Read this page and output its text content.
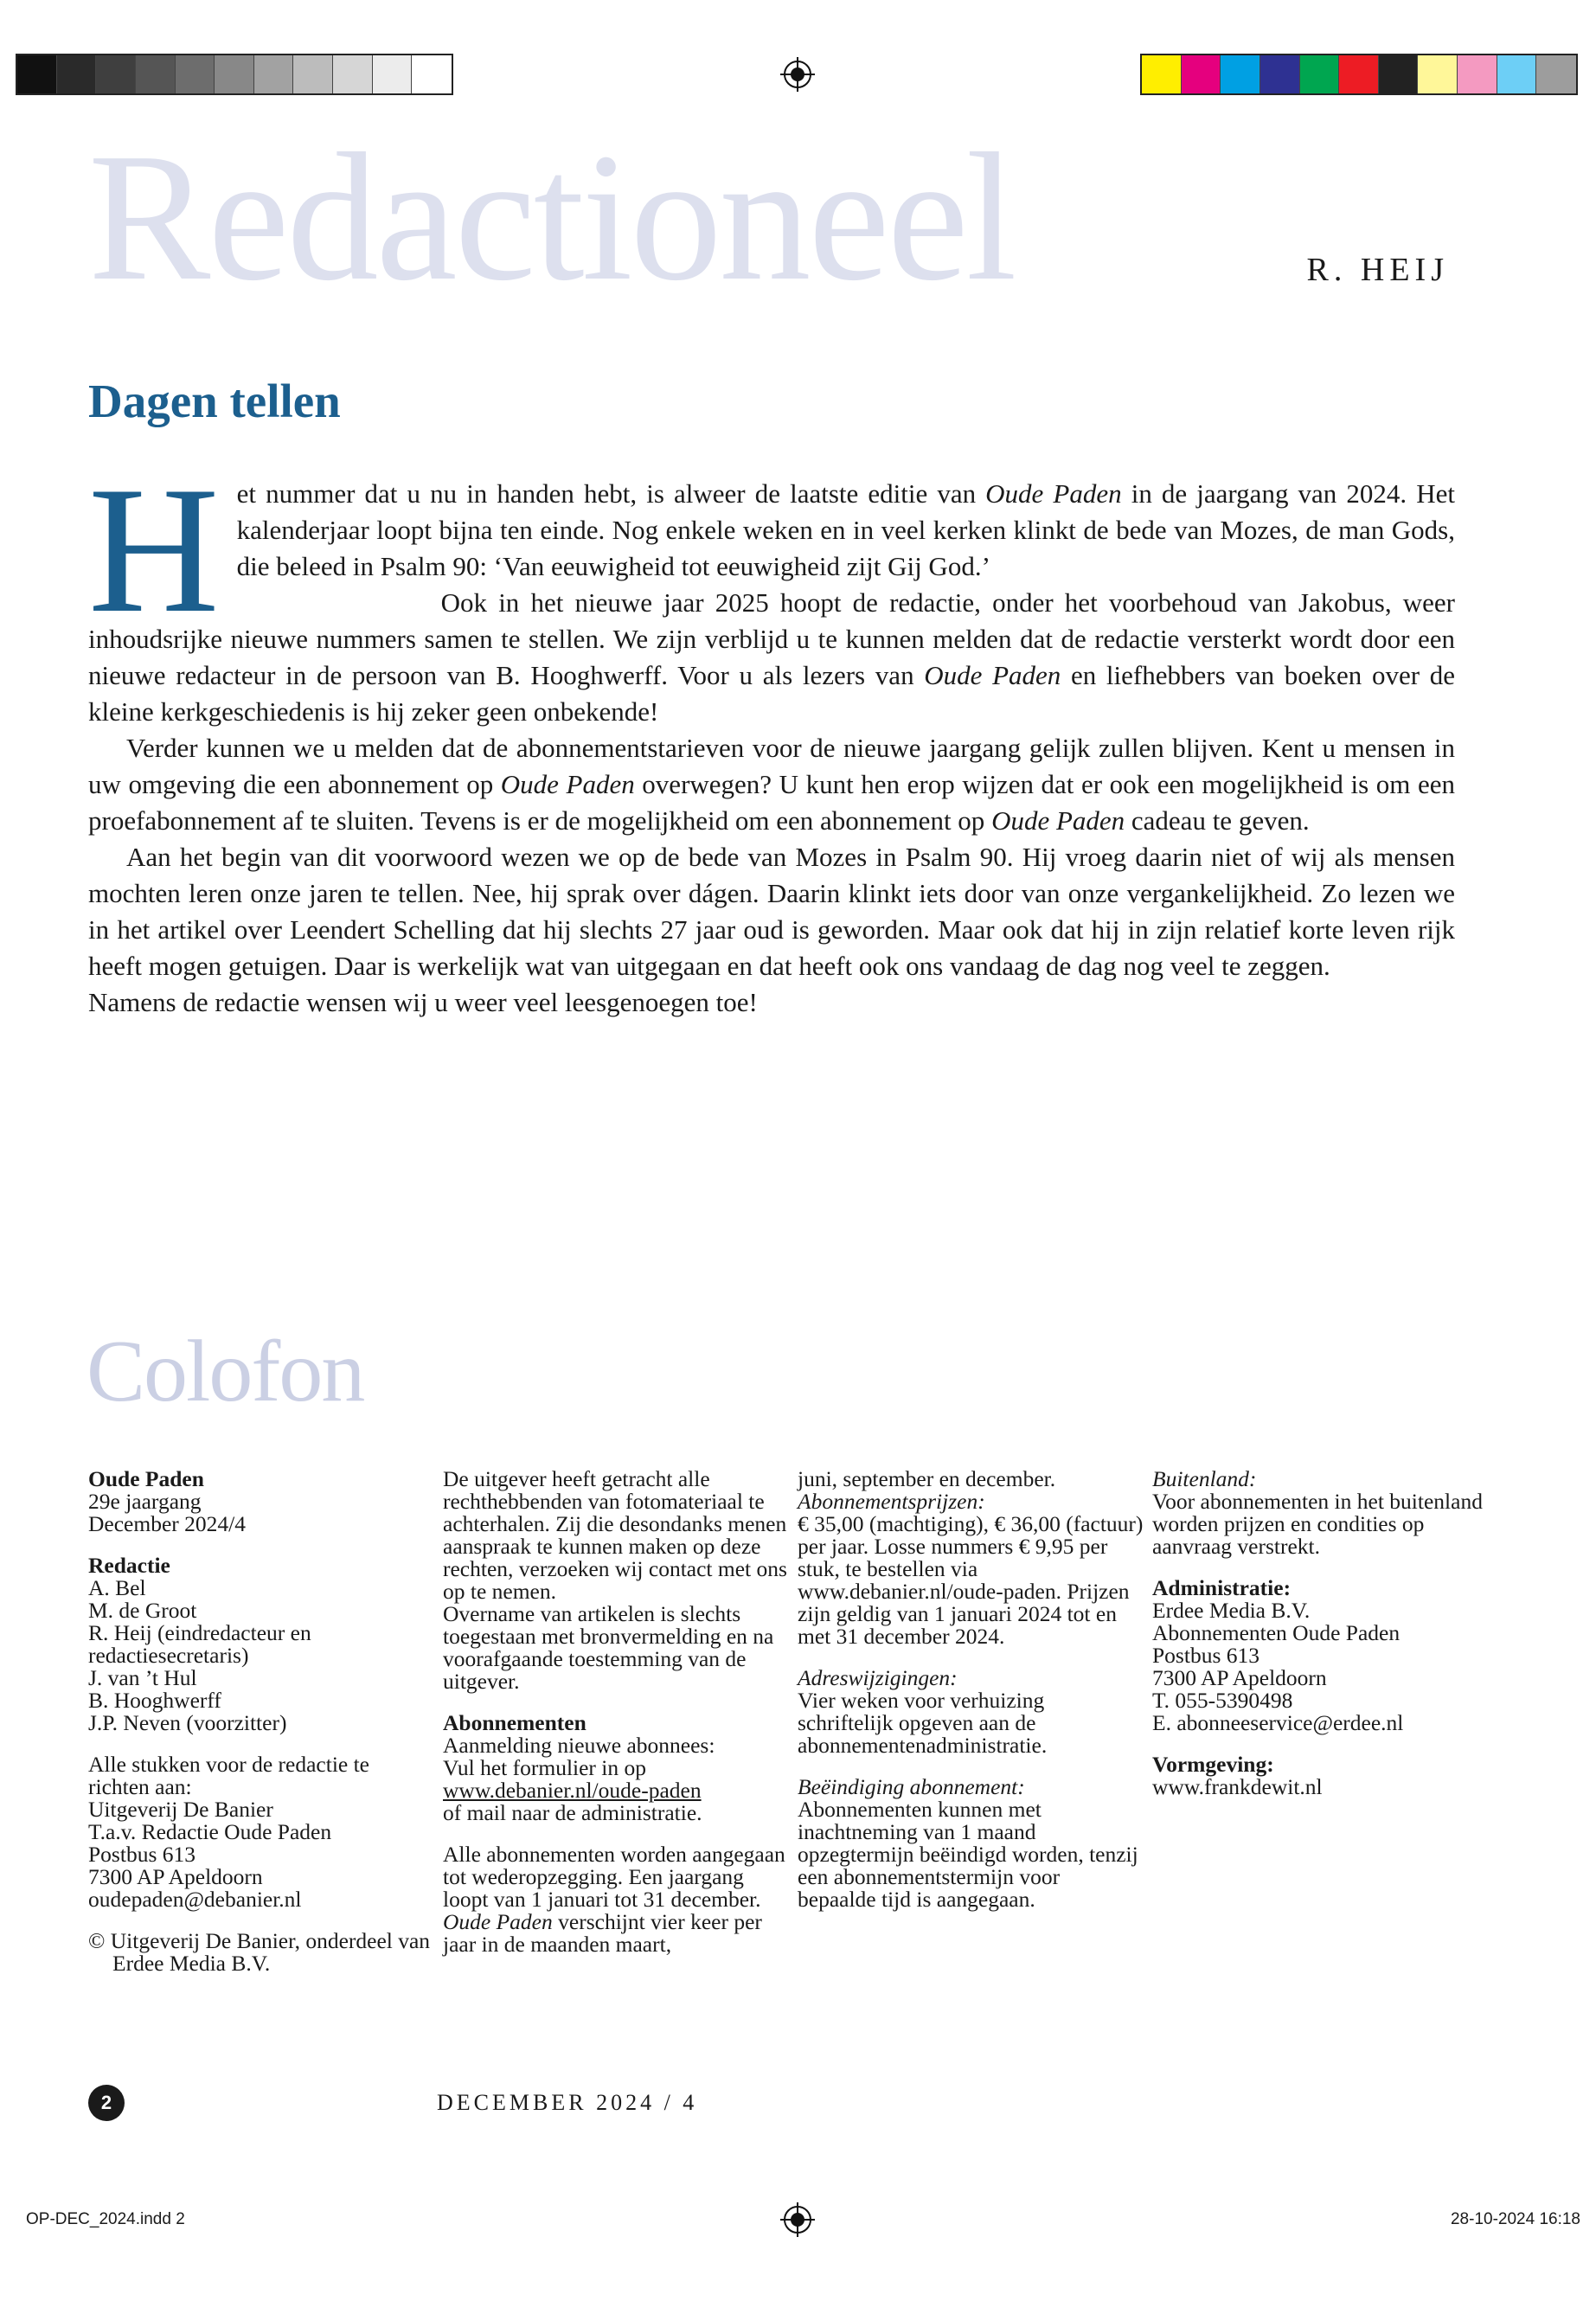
Redactioneel	R. HEIJ
Dagen tellen

Het nummer dat u nu in handen hebt, is alweer de laatste editie van Oude Paden in de jaargang van 2024. Het kalenderjaar loopt bijna ten einde. Nog enkele weken en in veel kerken klinkt de bede van Mozes, de man Gods, die beleed in Psalm 90: ‘Van eeuwigheid tot eeuwigheid zijt Gij God.’

Ook in het nieuwe jaar 2025 hoopt de redactie, onder het voorbehoud van Jakobus, weer inhoudsrijke nieuwe nummers samen te stellen. We zijn verblijd u te kunnen melden dat de redactie versterkt wordt door een nieuwe redacteur in de persoon van B. Hooghwerff. Voor u als lezers van Oude Paden en liefhebbers van boeken over de kleine kerkgeschiedenis is hij zeker geen onbekende!

Verder kunnen we u melden dat de abonnementstarieven voor de nieuwe jaargang gelijk zullen blijven. Kent u mensen in uw omgeving die een abonnement op Oude Paden overwegen? U kunt hen erop wijzen dat er ook een mogelijkheid is om een proefabonnement af te sluiten. Tevens is er de mogelijkheid om een abonnement op Oude Paden cadeau te geven.

Aan het begin van dit voorwoord wezen we op de bede van Mozes in Psalm 90. Hij vroeg daarin niet of wij als mensen mochten leren onze jaren te tellen. Nee, hij sprak over dágen. Daarin klinkt iets door van onze vergankelijkheid. Zo lezen we in het artikel over Leendert Schelling dat hij slechts 27 jaar oud is geworden. Maar ook dat hij in zijn relatief korte leven rijk heeft mogen getuigen. Daar is werkelijk wat van uitgegaan en dat heeft ook ons vandaag de dag nog veel te zeggen.

Namens de redactie wensen wij u weer veel leesgenoegen toe!

Colofon
Oude Paden
29e jaargang
December 2024/4
Redactie
A. Bel
M. de Groot
R. Heij (eindredacteur en redactiesecretaris)
J. van ’t Hul
B. Hooghwerff
J.P. Neven (voorzitter)
Alle stukken voor de redactie te richten aan:
Uitgeverij De Banier
T.a.v. Redactie Oude Paden
Postbus 613
7300 AP Apeldoorn
oudepaden@debanier.nl
© Uitgeverij De Banier, onderdeel van Erdee Media B.V.
De uitgever heeft getracht alle rechthebbenden van fotomateriaal te achterhalen. Zij die desondanks menen aanspraak te kunnen maken op deze rechten, verzoeken wij contact met ons op te nemen.
Overname van artikelen is slechts toegestaan met bronvermelding en na voorafgaande toestemming van de uitgever.
Abonnementen
Aanmelding nieuwe abonnees:
Vul het formulier in op
www.debanier.nl/oude-paden
of mail naar de administratie.
Alle abonnementen worden aangegaan tot wederopzegging. Een jaargang loopt van 1 januari tot 31 december.
Oude Paden verschijnt vier keer per jaar in de maanden maart,
juni, september en december.
Abonnementsprijzen:
€ 35,00 (machtiging), € 36,00 (factuur) per jaar. Losse nummers € 9,95 per stuk, te bestellen via www.debanier.nl/oude-paden. Prijzen zijn geldig van 1 januari 2024 tot en met 31 december 2024.
Adreswijzigingen:
Vier weken voor verhuizing schriftelijk opgeven aan de abonnementenadministratie.
Beëindiging abonnement:
Abonnementen kunnen met inachtneming van 1 maand opzegtermijn beëindigd worden, tenzij een abonnementstermijn voor bepaalde tijd is aangegaan.
Buitenland:
Voor abonnementen in het buitenland worden prijzen en condities op aanvraag verstrekt.
Administratie:
Erdee Media B.V.
Abonnementen Oude Paden
Postbus 613
7300 AP Apeldoorn
T. 055-5390498
E. abonneeservice@erdee.nl
Vormgeving:
www.frankdewit.nl
2	DECEMBER 2024 / 4
OP-DEC_2024.indd 2	28-10-2024 16:18
